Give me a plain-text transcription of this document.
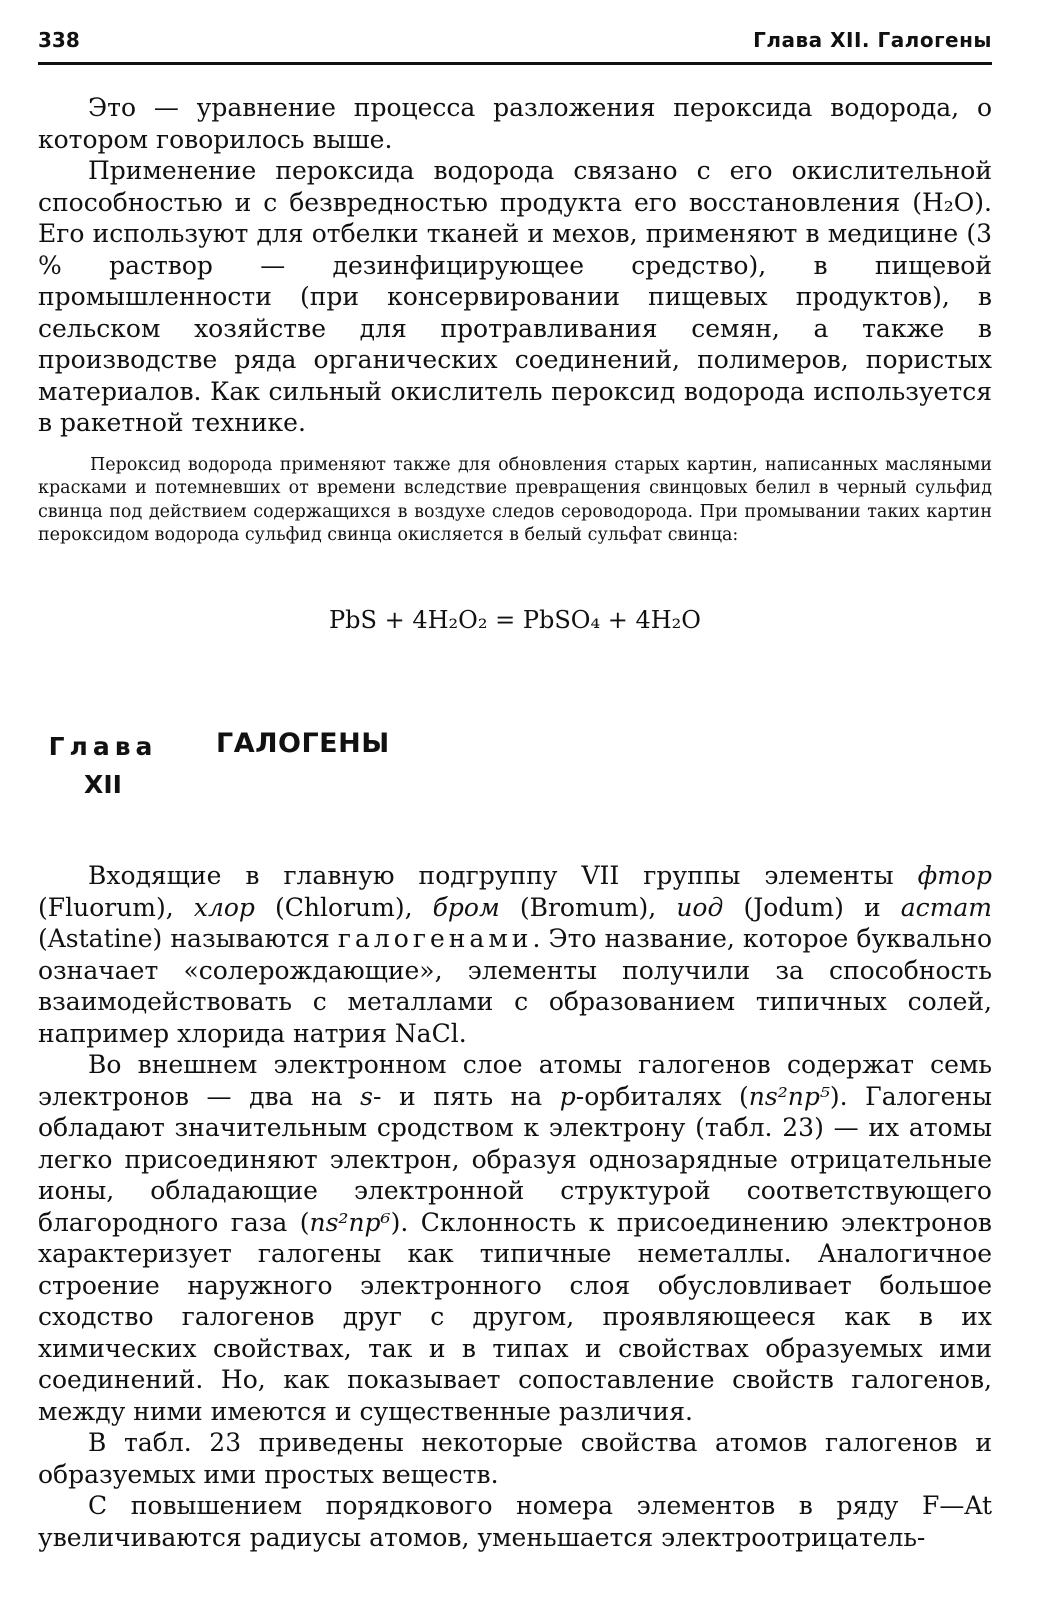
338	Глава XII. Галогены

Это — уравнение процесса разложения пероксида водорода, о котором говорилось выше.

Применение пероксида водорода связано с его окислительной способностью и с безвредностью продукта его восстановления (H₂O). Его используют для отбелки тканей и мехов, применяют в медицине (3 % раствор — дезинфицирующее средство), в пищевой промышленности (при консервировании пищевых продуктов), в сельском хозяйстве для протравливания семян, а также в производстве ряда органических соединений, полимеров, пористых материалов. Как сильный окислитель пероксид водорода используется в ракетной технике.

Пероксид водорода применяют также для обновления старых картин, написанных масляными красками и потемневших от времени вследствие превращения свинцовых белил в черный сульфид свинца под действием содержащихся в воздухе следов сероводорода. При промывании таких картин пероксидом водорода сульфид свинца окисляется в белый сульфат свинца:

PbS + 4H₂O₂ = PbSO₄ + 4H₂O

Глава
XII
ГАЛОГЕНЫ

Входящие в главную подгруппу VII группы элементы фтор (Fluorum), хлор (Chlorum), бром (Bromum), иод (Jodum) и астат (Astatine) называются галогенами. Это название, которое буквально означает «солерождающие», элементы получили за способность взаимодействовать с металлами с образованием типичных солей, например хлорида натрия NaCl.

Во внешнем электронном слое атомы галогенов содержат семь электронов — два на s- и пять на p-орбиталях (ns²np⁵). Галогены обладают значительным сродством к электрону (табл. 23) — их атомы легко присоединяют электрон, образуя однозарядные отрицательные ионы, обладающие электронной структурой соответствующего благородного газа (ns²np⁶). Склонность к присоединению электронов характеризует галогены как типичные неметаллы. Аналогичное строение наружного электронного слоя обусловливает большое сходство галогенов друг с другом, проявляющееся как в их химических свойствах, так и в типах и свойствах образуемых ими соединений. Но, как показывает сопоставление свойств галогенов, между ними имеются и существенные различия.

В табл. 23 приведены некоторые свойства атомов галогенов и образуемых ими простых веществ.

С повышением порядкового номера элементов в ряду F—At увеличиваются радиусы атомов, уменьшается электроотрицатель-
